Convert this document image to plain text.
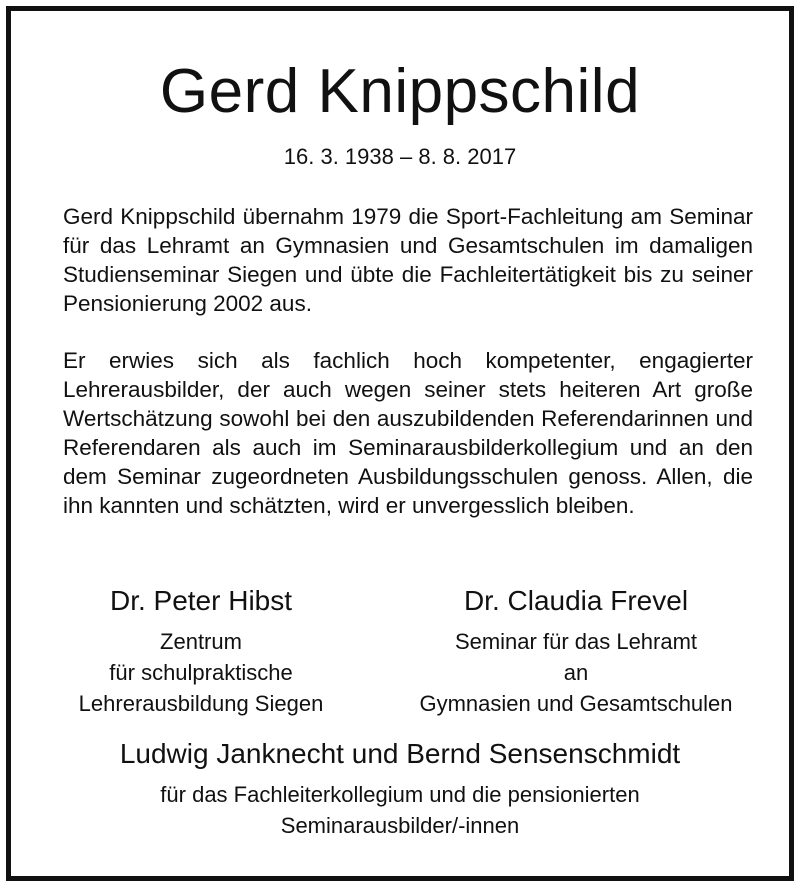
Gerd Knippschild
16. 3. 1938 – 8. 8. 2017
Gerd Knippschild übernahm 1979 die Sport-Fachleitung am Seminar für das Lehramt an Gymnasien und Gesamtschulen im damaligen Studienseminar Siegen und übte die Fachleitertätigkeit bis zu seiner Pensionierung 2002 aus.
Er erwies sich als fachlich hoch kompetenter, engagierter Lehrerausbilder, der auch wegen seiner stets heiteren Art große Wertschätzung sowohl bei den auszubildenden Referendarinnen und Referendaren als auch im Seminarausbilderkollegium und an den dem Seminar zugeordneten Ausbildungsschulen genoss. Allen, die ihn kannten und schätzten, wird er unvergesslich bleiben.
Dr. Peter Hibst
Zentrum
für schulpraktische
Lehrerausbildung Siegen
Dr. Claudia Frevel
Seminar für das Lehramt
an
Gymnasien und Gesamtschulen
Ludwig Janknecht und Bernd Sensenschmidt
für das Fachleiterkollegium und die pensionierten
Seminarausbilder/-innen
